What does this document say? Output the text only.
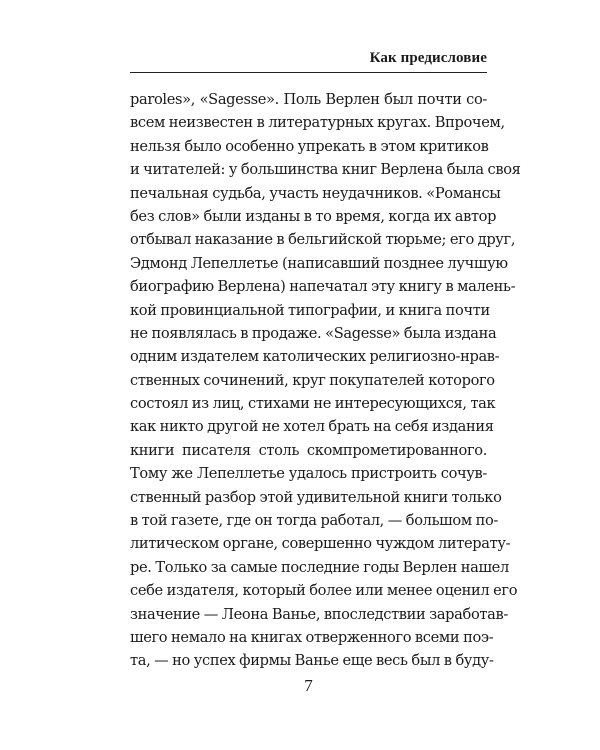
Как предисловие
paroles», «Sagesse». Поль Верлен был почти со-
всем неизвестен в литературных кругах. Впрочем,
нельзя было особенно упрекать в этом критиков
и читателей: у большинства книг Верлена была своя
печальная судьба, участь неудачников. «Романсы
без слов» были изданы в то время, когда их автор
отбывал наказание в бельгийской тюрьме; его друг,
Эдмонд Лепеллетье (написавший позднее лучшую
биографию Верлена) напечатал эту книгу в малень-
кой провинциальной типографии, и книга почти
не появлялась в продаже. «Sagesse» была издана
одним издателем католических религиозно-нрав-
ственных сочинений, круг покупателей которого
состоял из лиц, стихами не интересующихся, так
как никто другой не хотел брать на себя издания
книги писателя столь скомпрометированного.
Тому же Лепеллетье удалось пристроить сочув-
ственный разбор этой удивительной книги только
в той газете, где он тогда работал, — большом по-
литическом органе, совершенно чуждом литерату-
ре. Только за самые последние годы Верлен нашел
себе издателя, который более или менее оценил его
значение — Леона Ванье, впоследствии заработав-
шего немало на книгах отверженного всеми поэ-
та, — но успех фирмы Ванье еще весь был в буду-
7
